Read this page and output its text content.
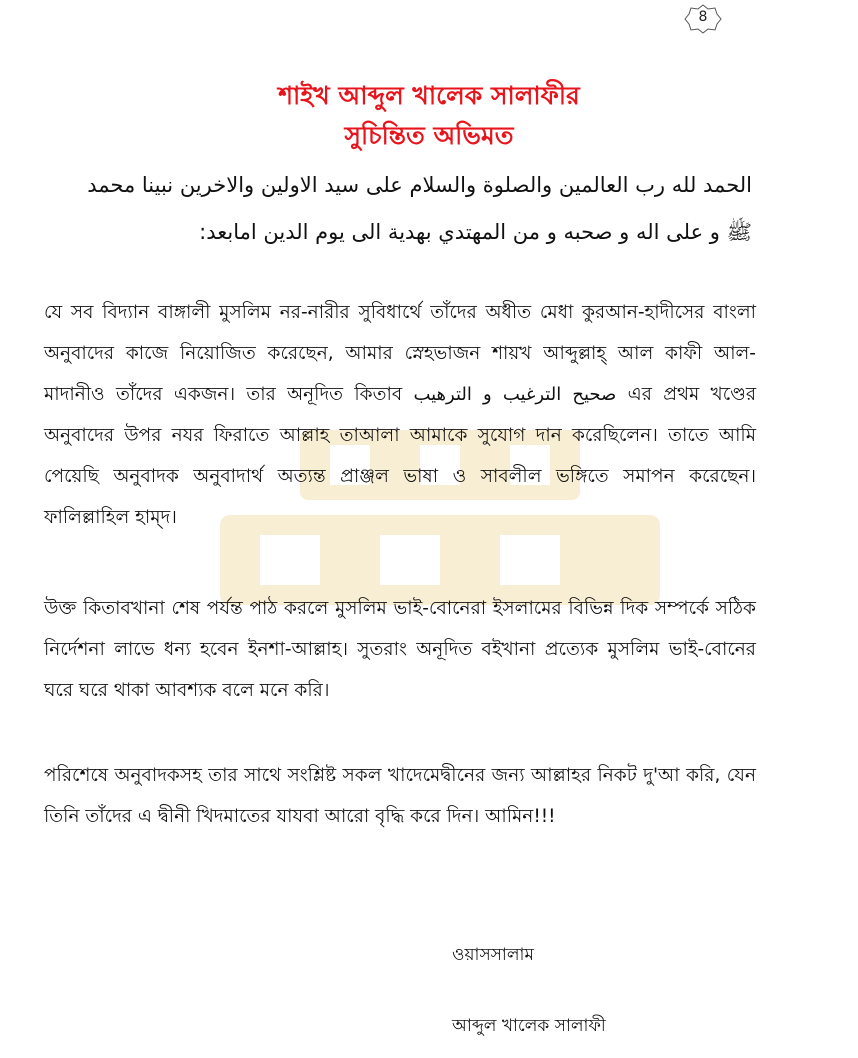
8
শাইখ আব্দুল খালেক সালাফীর
সুচিন্তিত অভিমত
الحمد لله رب العالمين والصلوة والسلام على سيد الاولين والاخرين نبينا محمد
ﷺ و على اله و صحبه و من المهتدي بهدية الى يوم الدين امابعد:
যে সব বিদ্যান বাঙ্গালী মুসলিম নর-নারীর সুবিধার্থে তাঁদের অধীত মেধা কুরআন-হাদীসের বাংলা অনুবাদের কাজে নিয়োজিত করেছেন, আমার স্নেহভাজন শায়খ আব্দুল্লাহ্‌ আল কাফী আল-মাদানীও তাঁদের একজন। তার অনূদিত কিতাব صحيح الترغيب و الترهيب এর প্রথম খণ্ডের অনুবাদের উপর নযর ফিরাতে আল্লাহ তাআলা আমাকে সুযোগ দান করেছিলেন। তাতে আমি পেয়েছি অনুবাদক অনুবাদার্থ অত্যন্ত প্রাঞ্জল ভাষা ও সাবলীল ভঙ্গিতে সমাপন করেছেন। ফালিল্লাহিল হাম্‌দ।
উক্ত কিতাবখানা শেষ পর্যন্ত পাঠ করলে মুসলিম ভাই-বোনেরা ইসলামের বিভিন্ন দিক সম্পর্কে সঠিক নির্দেশনা লাভে ধন্য হবেন ইনশা-আল্লাহ। সুতরাং অনূদিত বইখানা প্রত্যেক মুসলিম ভাই-বোনের ঘরে ঘরে থাকা আবশ্যক বলে মনে করি।
পরিশেষে অনুবাদকসহ তার সাথে সংশ্লিষ্ট সকল খাদেমেদ্বীনের জন্য আল্লাহর নিকট দু'আ করি, যেন তিনি তাঁদের এ দ্বীনী খিদমাতের যাযবা আরো বৃদ্ধি করে দিন। আমিন!!!
ওয়াসসালাম
আব্দুল খালেক সালাফী
